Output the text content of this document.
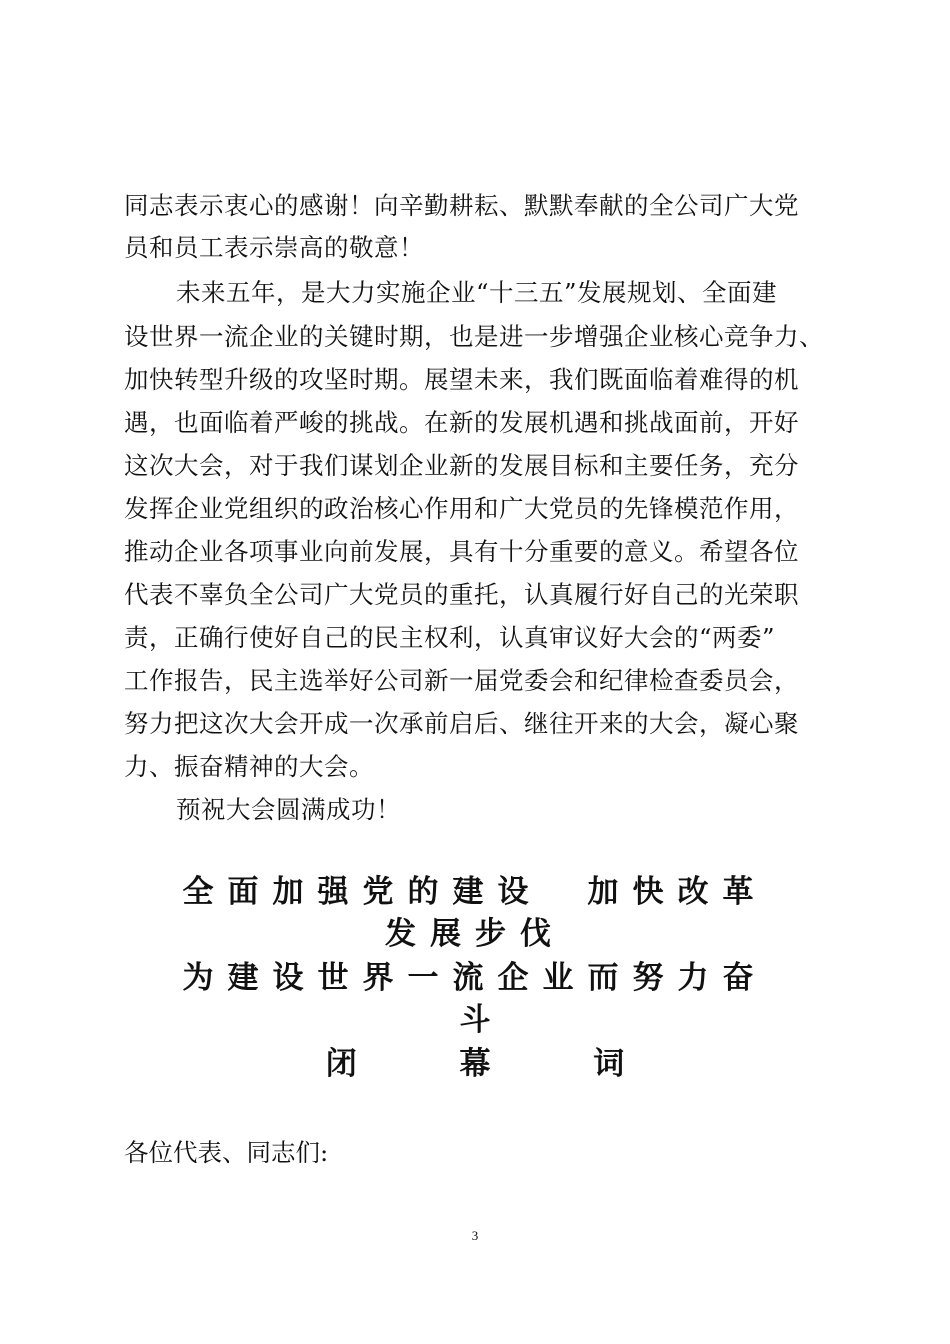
同志表示衷心的感谢！向辛勤耕耘、默默奉献的全公司广大党
员和员工表示崇高的敬意！
未来五年，是大力实施企业“十三五”发展规划、全面建
设世界一流企业的关键时期，也是进一步增强企业核心竞争力、
加快转型升级的攻坚时期。展望未来，我们既面临着难得的机
遇，也面临着严峻的挑战。在新的发展机遇和挑战面前，开好
这次大会，对于我们谋划企业新的发展目标和主要任务，充分
发挥企业党组织的政治核心作用和广大党员的先锋模范作用，
推动企业各项事业向前发展，具有十分重要的意义。希望各位
代表不辜负全公司广大党员的重托，认真履行好自己的光荣职
责，正确行使好自己的民主权利，认真审议好大会的“两委”
工作报告，民主选举好公司新一届党委会和纪律检查委员会，
努力把这次大会开成一次承前启后、继往开来的大会，凝心聚
力、振奋精神的大会。
预祝大会圆满成功！
全面加强党的建设　加快改革
发展步伐
为建设世界一流企业而努力奋
斗
闭	幕	词
各位代表、同志们:
3
